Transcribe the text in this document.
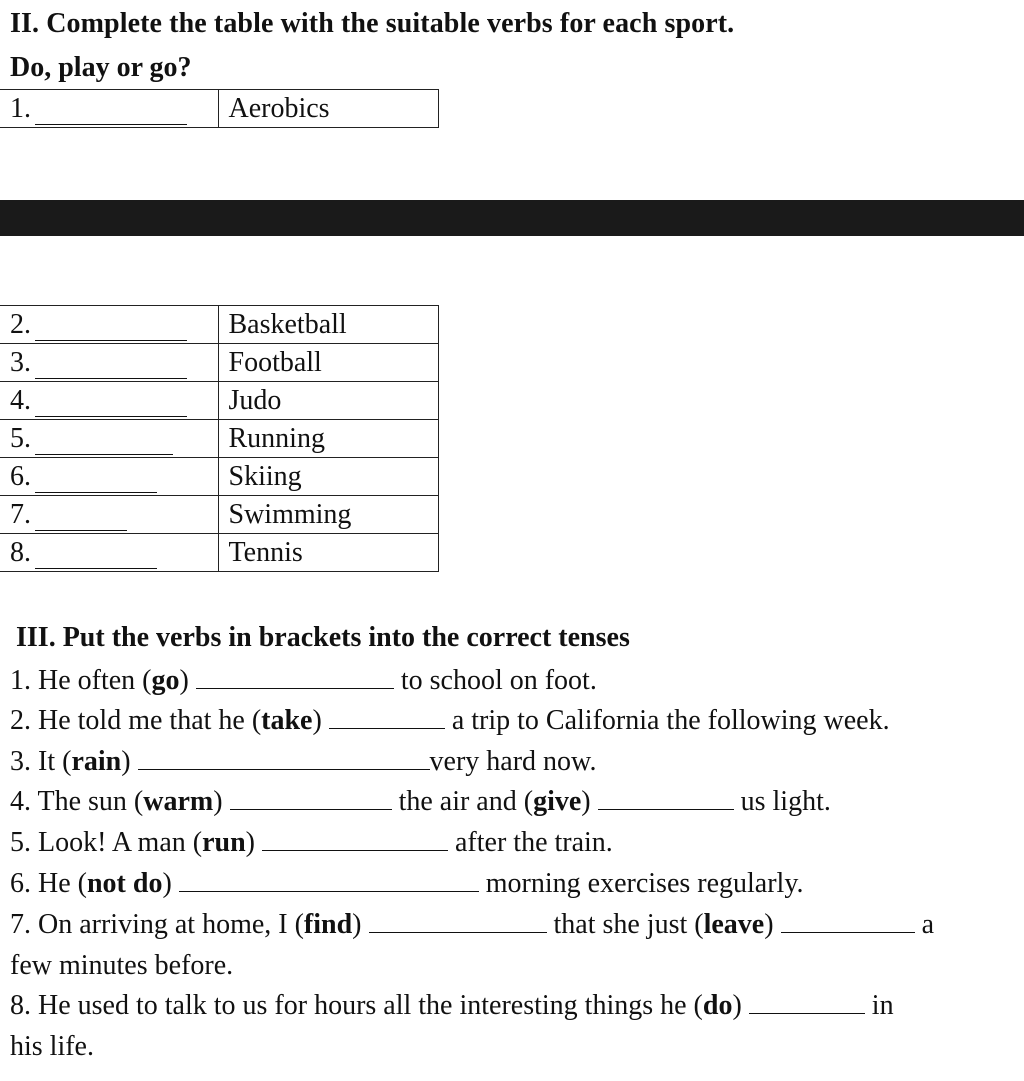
II. Complete the table with the suitable verbs for each sport.
Do, play or go?
1.	Aerobics
2.	Basketball
3.	Football
4.	Judo
5.	Running
6.	Skiing
7.	Swimming
8.	Tennis
III. Put the verbs in brackets into the correct tenses
1. He often (go)	to school on foot.
2. He told me that he (take)	a trip to California the following week.
3. It (rain)	very hard now.
4. The sun (warm)	the air and (give)	us light.
5. Look! A man (run)	after the train.
6. He (not do)	morning exercises regularly.
7. On arriving at home, I (find)	that she just (leave)	a
few minutes before.
8. He used to talk to us for hours all the interesting things he (do)	in
his life.
